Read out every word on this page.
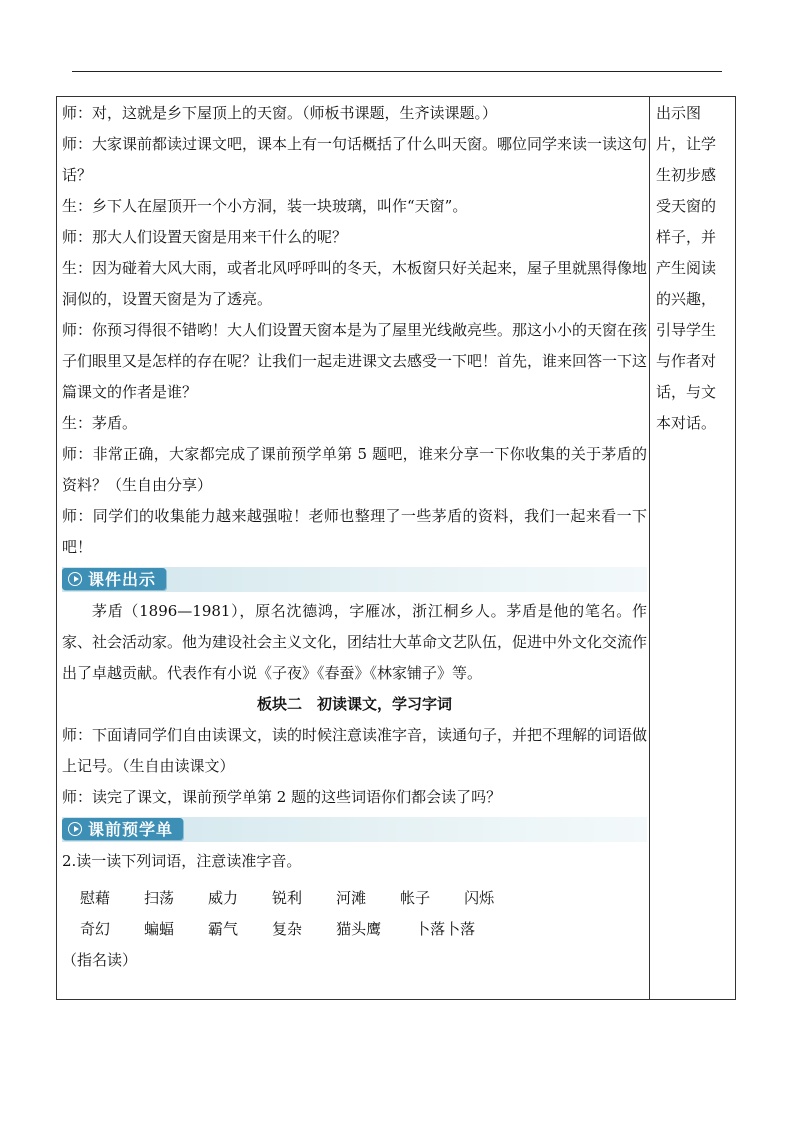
师：对，这就是乡下屋顶上的天窗。（师板书课题，生齐读课题。）

师：大家课前都读过课文吧，课本上有一句话概括了什么叫天窗。哪位同学来读一读这句话？

生：乡下人在屋顶开一个小方洞，装一块玻璃，叫作“天窗”。

师：那大人们设置天窗是用来干什么的呢？

生：因为碰着大风大雨，或者北风呼呼叫的冬天，木板窗只好关起来，屋子里就黑得像地洞似的，设置天窗是为了透亮。

师：你预习得很不错哟！大人们设置天窗本是为了屋里光线敞亮些。那这小小的天窗在孩子们眼里又是怎样的存在呢？让我们一起走进课文去感受一下吧！首先，谁来回答一下这篇课文的作者是谁？

生：茅盾。

师：非常正确，大家都完成了课前预学单第 5 题吧，谁来分享一下你收集的关于茅盾的资料？（生自由分享）

师：同学们的收集能力越来越强啦！老师也整理了一些茅盾的资料，我们一起来看一下吧！

课件出示

茅盾（1896—1981），原名沈德鸿，字雁冰，浙江桐乡人。茅盾是他的笔名。作家、社会活动家。他为建设社会主义文化，团结壮大革命文艺队伍，促进中外文化交流作出了卓越贡献。代表作有小说《子夜》《春蚕》《林家铺子》等。

板块二　初读课文，学习字词

师：下面请同学们自由读课文，读的时候注意读准字音，读通句子，并把不理解的词语做上记号。（生自由读课文）

师：读完了课文，课前预学单第 2 题的这些词语你们都会读了吗？

课前预学单

2.读一读下列词语，注意读准字音。

慰藉 扫荡 威力 锐利 河滩 帐子 闪烁
奇幻 蝙蝠 霸气 复杂 猫头鹰 卜落卜落

（指名读）

出示图
片，让学
生初步感
受天窗的
样子，并
产生阅读
的兴趣，
引导学生
与作者对
话，与文
本对话。
